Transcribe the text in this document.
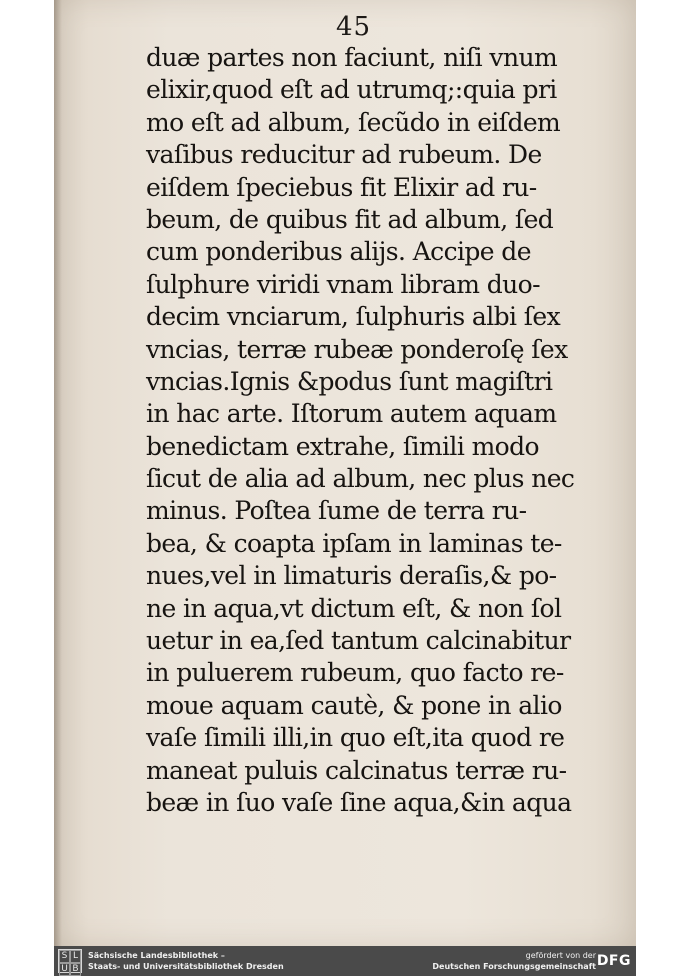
45
duæ partes non faciunt, niſi vnum
elixir,quod eſt ad utrumq;:quia pri
mo eſt ad album, ſecũdo in eiſdem
vaſibus reducitur ad rubeum. De
eiſdem ſpeciebus fit Elixir ad ru-
beum, de quibus fit ad album, ſed
cum ponderibus aliјs. Accipe de
ſulphure viridi vnam libram duo-
decim vnciarum, ſulphuris albi ſex
vncias, terræ rubeæ ponderoſę ſex
vncias.Ignis &podus ſunt magiſtri
in hac arte. Iſtorum autem aquam
benedictam extrahe, ſimili modo
ſicut de alia ad album, nec plus nec
minus. Poſtea ſume de terra ru-
bea, & coapta ipſam in laminas te-
nues,vel in limaturis deraſis,& po-
ne in aqua,vt dictum eſt, & non ſol
uetur in ea,ſed tantum calcinabitur
in puluerem rubeum, quo facto re-
moue aquam cautè, & pone in alio
vaſe ſimili illi,in quo eſt,ita quod re
maneat puluis calcinatus terræ ru-
beæ in ſuo vaſe ſine aqua,&in aqua
S L
U B
Sächsische Landesbibliothek –
Staats- und Universitätsbibliothek Dresden
gefördert von der
Deutschen Forschungsgemeinschaft DFG
